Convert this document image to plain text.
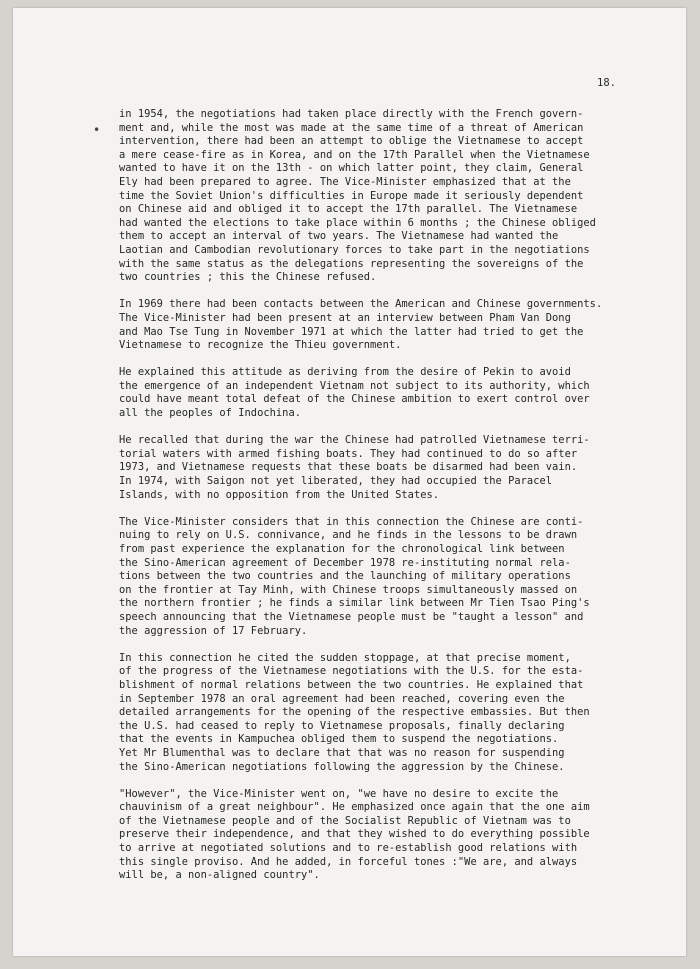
18.
•

in 1954, the negotiations had taken place directly with the French govern-
ment and, while the most was made at the same time of a threat of American
intervention, there had been an attempt to oblige the Vietnamese to accept
a mere cease-fire as in Korea, and on the 17th Parallel when the Vietnamese
wanted to have it on the 13th - on which latter point, they claim, General
Ely had been prepared to agree. The Vice-Minister emphasized that at the
time the Soviet Union's difficulties in Europe made it seriously dependent
on Chinese aid and obliged it to accept the 17th parallel. The Vietnamese
had wanted the elections to take place within 6 months ; the Chinese obliged
them to accept an interval of two years. The Vietnamese had wanted the
Laotian and Cambodian revolutionary forces to take part in the negotiations
with the same status as the delegations representing the sovereigns of the
two countries ; this the Chinese refused.

In 1969 there had been contacts between the American and Chinese governments.
The Vice-Minister had been present at an interview between Pham Van Dong
and Mao Tse Tung in November 1971 at which the latter had tried to get the
Vietnamese to recognize the Thieu government.

He explained this attitude as deriving from the desire of Pekin to avoid
the emergence of an independent Vietnam not subject to its authority, which
could have meant total defeat of the Chinese ambition to exert control over
all the peoples of Indochina.

He recalled that during the war the Chinese had patrolled Vietnamese terri-
torial waters with armed fishing boats. They had continued to do so after
1973, and Vietnamese requests that these boats be disarmed had been vain.
In 1974, with Saigon not yet liberated, they had occupied the Paracel
Islands, with no opposition from the United States.

The Vice-Minister considers that in this connection the Chinese are conti-
nuing to rely on U.S. connivance, and he finds in the lessons to be drawn
from past experience the explanation for the chronological link between
the Sino-American agreement of December 1978 re-instituting normal rela-
tions between the two countries and the launching of military operations
on the frontier at Tay Minh, with Chinese troops simultaneously massed on
the northern frontier ; he finds a similar link between Mr Tien Tsao Ping's
speech announcing that the Vietnamese people must be "taught a lesson" and
the aggression of 17 February.

In this connection he cited the sudden stoppage, at that precise moment,
of the progress of the Vietnamese negotiations with the U.S. for the esta-
blishment of normal relations between the two countries. He explained that
in September 1978 an oral agreement had been reached, covering even the
detailed arrangements for the opening of the respective embassies. But then
the U.S. had ceased to reply to Vietnamese proposals, finally declaring
that the events in Kampuchea obliged them to suspend the negotiations.
Yet Mr Blumenthal was to declare that that was no reason for suspending
the Sino-American negotiations following the aggression by the Chinese.

"However", the Vice-Minister went on, "we have no desire to excite the
chauvinism of a great neighbour". He emphasized once again that the one aim
of the Vietnamese people and of the Socialist Republic of Vietnam was to
preserve their independence, and that they wished to do everything possible
to arrive at negotiated solutions and to re-establish good relations with
this single proviso. And he added, in forceful tones :"We are, and always
will be, a non-aligned country".
